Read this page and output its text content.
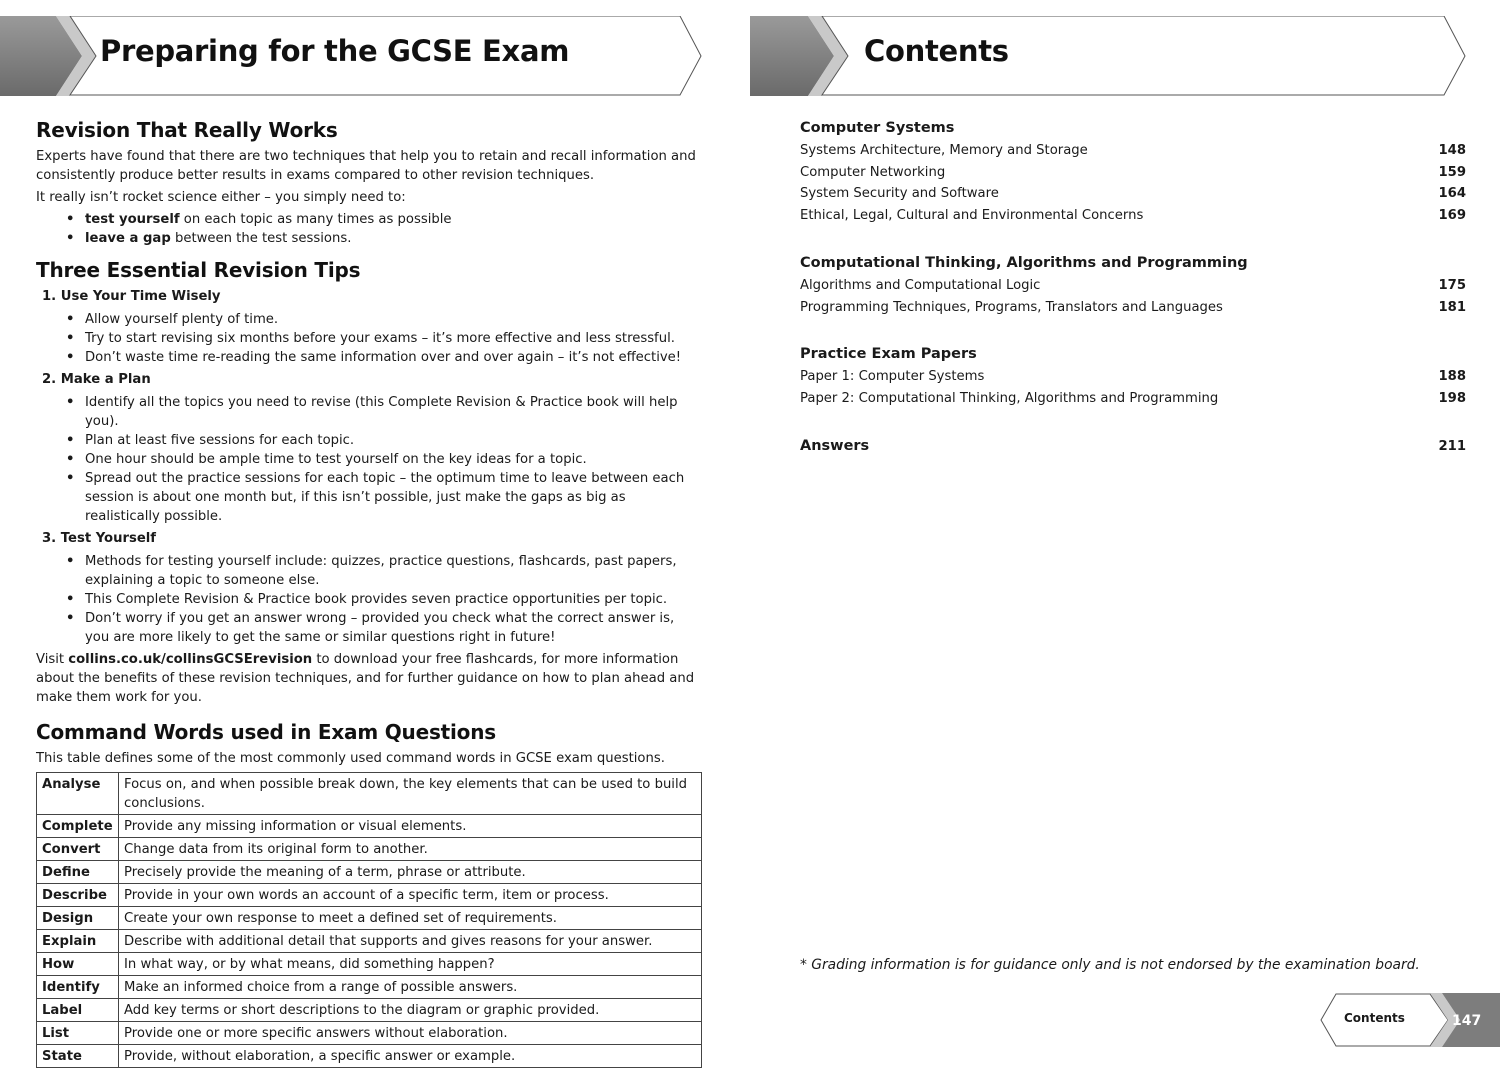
Preparing for the GCSE Exam
Revision That Really Works

Experts have found that there are two techniques that help you to retain and recall information and consistently produce better results in exams compared to other revision techniques.

It really isn’t rocket science either – you simply need to:

• test yourself on each topic as many times as possible
• leave a gap between the test sessions.
Three Essential Revision Tips
1. Use Your Time Wisely
• Allow yourself plenty of time.
• Try to start revising six months before your exams – it’s more effective and less stressful.
• Don’t waste time re-reading the same information over and over again – it’s not effective!
2. Make a Plan
• Identify all the topics you need to revise (this Complete Revision & Practice book will help you).
• Plan at least five sessions for each topic.
• One hour should be ample time to test yourself on the key ideas for a topic.
• Spread out the practice sessions for each topic – the optimum time to leave between each session is about one month but, if this isn’t possible, just make the gaps as big as realistically possible.
3. Test Yourself
• Methods for testing yourself include: quizzes, practice questions, flashcards, past papers, explaining a topic to someone else.
• This Complete Revision & Practice book provides seven practice opportunities per topic.
• Don’t worry if you get an answer wrong – provided you check what the correct answer is, you are more likely to get the same or similar questions right in future!

Visit collins.co.uk/collinsGCSErevision to download your free flashcards, for more information about the benefits of these revision techniques, and for further guidance on how to plan ahead and make them work for you.

Command Words used in Exam Questions

This table defines some of the most commonly used command words in GCSE exam questions.

Analyse	Focus on, and when possible break down, the key elements that can be used to build conclusions.
Complete	Provide any missing information or visual elements.
Convert	Change data from its original form to another.
Define	Precisely provide the meaning of a term, phrase or attribute.
Describe	Provide in your own words an account of a specific term, item or process.
Design	Create your own response to meet a defined set of requirements.
Explain	Describe with additional detail that supports and gives reasons for your answer.
How	In what way, or by what means, did something happen?
Identify	Make an informed choice from a range of possible answers.
Label	Add key terms or short descriptions to the diagram or graphic provided.
List	Provide one or more specific answers without elaboration.
State	Provide, without elaboration, a specific answer or example.
Contents
Computer Systems
Systems Architecture, Memory and Storage	148
Computer Networking	159
System Security and Software	164
Ethical, Legal, Cultural and Environmental Concerns	169
Computational Thinking, Algorithms and Programming
Algorithms and Computational Logic	175
Programming Techniques, Programs, Translators and Languages	181
Practice Exam Papers
Paper 1: Computer Systems	188
Paper 2: Computational Thinking, Algorithms and Programming	198
Answers	211
* Grading information is for guidance only and is not endorsed by the examination board.
Contents	147
